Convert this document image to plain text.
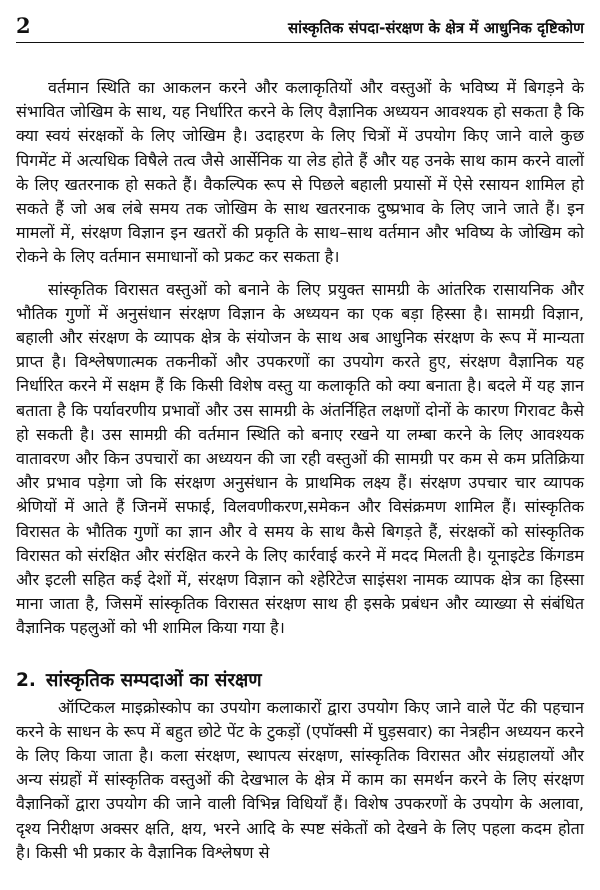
2	सांस्कृतिक संपदा-संरक्षण के क्षेत्र में आधुनिक दृष्टिकोण

वर्तमान स्थिति का आकलन करने और कलाकृतियों और वस्तुओं के भविष्य में बिगड़ने के संभावित जोखिम के साथ, यह निर्धारित करने के लिए वैज्ञानिक अध्ययन आवश्यक हो सकता है कि क्या स्वयं संरक्षकों के लिए जोखिम है। उदाहरण के लिए चित्रों में उपयोग किए जाने वाले कुछ पिगमेंट में अत्यधिक विषैले तत्व जैसे आर्सेनिक या लेड होते हैं और यह उनके साथ काम करने वालों के लिए खतरनाक हो सकते हैं। वैकल्पिक रूप से पिछले बहाली प्रयासों में ऐसे रसायन शामिल हो सकते हैं जो अब लंबे समय तक जोखिम के साथ खतरनाक दुष्प्रभाव के लिए जाने जाते हैं। इन मामलों में, संरक्षण विज्ञान इन खतरों की प्रकृति के साथ–साथ वर्तमान और भविष्य के जोखिम को रोकने के लिए वर्तमान समाधानों को प्रकट कर सकता है।

सांस्कृतिक विरासत वस्तुओं को बनाने के लिए प्रयुक्त सामग्री के आंतरिक रासायनिक और भौतिक गुणों में अनुसंधान संरक्षण विज्ञान के अध्ययन का एक बड़ा हिस्सा है। सामग्री विज्ञान, बहाली और संरक्षण के व्यापक क्षेत्र के संयोजन के साथ अब आधुनिक संरक्षण के रूप में मान्यता प्राप्त है। विश्लेषणात्मक तकनीकों और उपकरणों का उपयोग करते हुए, संरक्षण वैज्ञानिक यह निर्धारित करने में सक्षम हैं कि किसी विशेष वस्तु या कलाकृति को क्या बनाता है। बदले में यह ज्ञान बताता है कि पर्यावरणीय प्रभावों और उस सामग्री के अंतर्निहित लक्षणों दोनों के कारण गिरावट कैसे हो सकती है। उस सामग्री की वर्तमान स्थिति को बनाए रखने या लम्बा करने के लिए आवश्यक वातावरण और किन उपचारों का अध्ययन की जा रही वस्तुओं की सामग्री पर कम से कम प्रतिक्रिया और प्रभाव पड़ेगा जो कि संरक्षण अनुसंधान के प्राथमिक लक्ष्य हैं। संरक्षण उपचार चार व्यापक श्रेणियों में आते हैं जिनमें सफाई, विलवणीकरण,समेकन और विसंक्रमण शामिल हैं। सांस्कृतिक विरासत के भौतिक गुणों का ज्ञान और वे समय के साथ कैसे बिगड़ते हैं, संरक्षकों को सांस्कृतिक विरासत को संरक्षित और संरक्षित करने के लिए कार्रवाई करने में मदद मिलती है। यूनाइटेड किंगडम और इटली सहित कई देशों में, संरक्षण विज्ञान को श्हेरिटेज साइंसश नामक व्यापक क्षेत्र का हिस्सा माना जाता है, जिसमें सांस्कृतिक विरासत संरक्षण साथ ही इसके प्रबंधन और व्याख्या से संबंधित वैज्ञानिक पहलुओं को भी शामिल किया गया है।

2. सांस्कृतिक सम्पदाओं का संरक्षण

ऑप्टिकल माइक्रोस्कोप का उपयोग कलाकारों द्वारा उपयोग किए जाने वाले पेंट की पहचान करने के साधन के रूप में बहुत छोटे पेंट के टुकड़ों (एपॉक्सी में घुड़सवार) का नेत्रहीन अध्ययन करने के लिए किया जाता है। कला संरक्षण, स्थापत्य संरक्षण, सांस्कृतिक विरासत और संग्रहालयों और अन्य संग्रहों में सांस्कृतिक वस्तुओं की देखभाल के क्षेत्र में काम का समर्थन करने के लिए संरक्षण वैज्ञानिकों द्वारा उपयोग की जाने वाली विभिन्न विधियाँ हैं। विशेष उपकरणों के उपयोग के अलावा, दृश्य निरीक्षण अक्सर क्षति, क्षय, भरने आदि के स्पष्ट संकेतों को देखने के लिए पहला कदम होता है। किसी भी प्रकार के वैज्ञानिक विश्लेषण से
